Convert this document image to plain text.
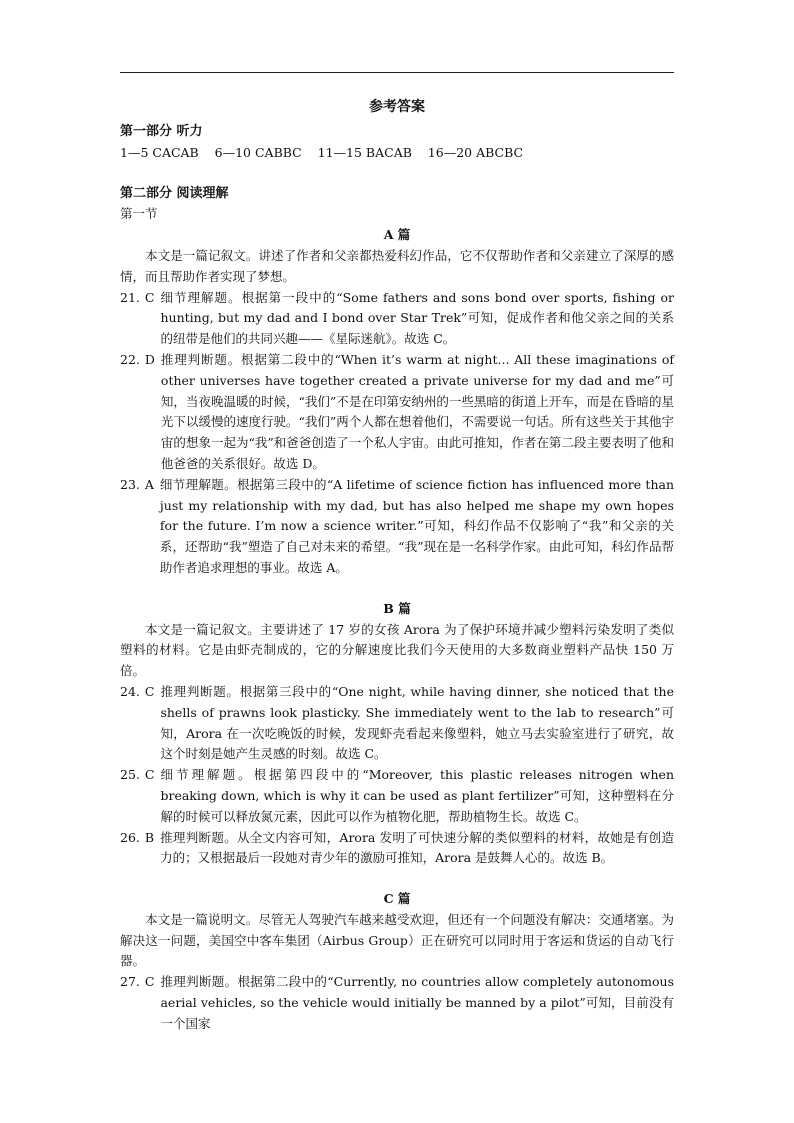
参考答案

第一部分 听力

1—5 CACAB    6—10 CABBC    11—15 BACAB    16—20 ABCBC

第二部分 阅读理解

第一节

A 篇

本文是一篇记叙文。讲述了作者和父亲都热爱科幻作品，它不仅帮助作者和父亲建立了深厚的感情，而且帮助作者实现了梦想。

21. C 细节理解题。根据第一段中的“Some fathers and sons bond over sports, fishing or hunting, but my dad and I bond over Star Trek”可知，促成作者和他父亲之间的关系的纽带是他们的共同兴趣——《星际迷航》。故选 C。
22. D 推理判断题。根据第二段中的“When it’s warm at night... All these imaginations of other universes have together created a private universe for my dad and me”可知，当夜晚温暖的时候，“我们”不是在印第安纳州的一些黑暗的街道上开车，而是在昏暗的星光下以缓慢的速度行驶。“我们”两个人都在想着他们，不需要说一句话。所有这些关于其他宇宙的想象一起为“我”和爸爸创造了一个私人宇宙。由此可推知，作者在第二段主要表明了他和他爸爸的关系很好。故选 D。
23. A 细节理解题。根据第三段中的“A lifetime of science fiction has influenced more than just my relationship with my dad, but has also helped me shape my own hopes for the future. I’m now a science writer.”可知，科幻作品不仅影响了“我”和父亲的关系，还帮助“我”塑造了自己对未来的希望。“我”现在是一名科学作家。由此可知，科幻作品帮助作者追求理想的事业。故选 A。

B 篇

本文是一篇记叙文。主要讲述了 17 岁的女孩 Arora 为了保护环境并减少塑料污染发明了类似塑料的材料。它是由虾壳制成的，它的分解速度比我们今天使用的大多数商业塑料产品快 150 万倍。

24. C 推理判断题。根据第三段中的“One night, while having dinner, she noticed that the shells of prawns look plasticky. She immediately went to the lab to research”可知，Arora 在一次吃晚饭的时候，发现虾壳看起来像塑料，她立马去实验室进行了研究，故这个时刻是她产生灵感的时刻。故选 C。
25. C 细节理解题。根据第四段中的“Moreover, this plastic releases nitrogen when breaking down, which is why it can be used as plant fertilizer”可知，这种塑料在分解的时候可以释放氮元素，因此可以作为植物化肥，帮助植物生长。故选 C。
26. B 推理判断题。从全文内容可知，Arora 发明了可快速分解的类似塑料的材料，故她是有创造力的；又根据最后一段她对青少年的激励可推知，Arora 是鼓舞人心的。故选 B。

C 篇

本文是一篇说明文。尽管无人驾驶汽车越来越受欢迎，但还有一个问题没有解决：交通堵塞。为解决这一问题，美国空中客车集团（Airbus Group）正在研究可以同时用于客运和货运的自动飞行器。

27. C 推理判断题。根据第二段中的“Currently, no countries allow completely autonomous aerial vehicles, so the vehicle would initially be manned by a pilot”可知，目前没有一个国家
